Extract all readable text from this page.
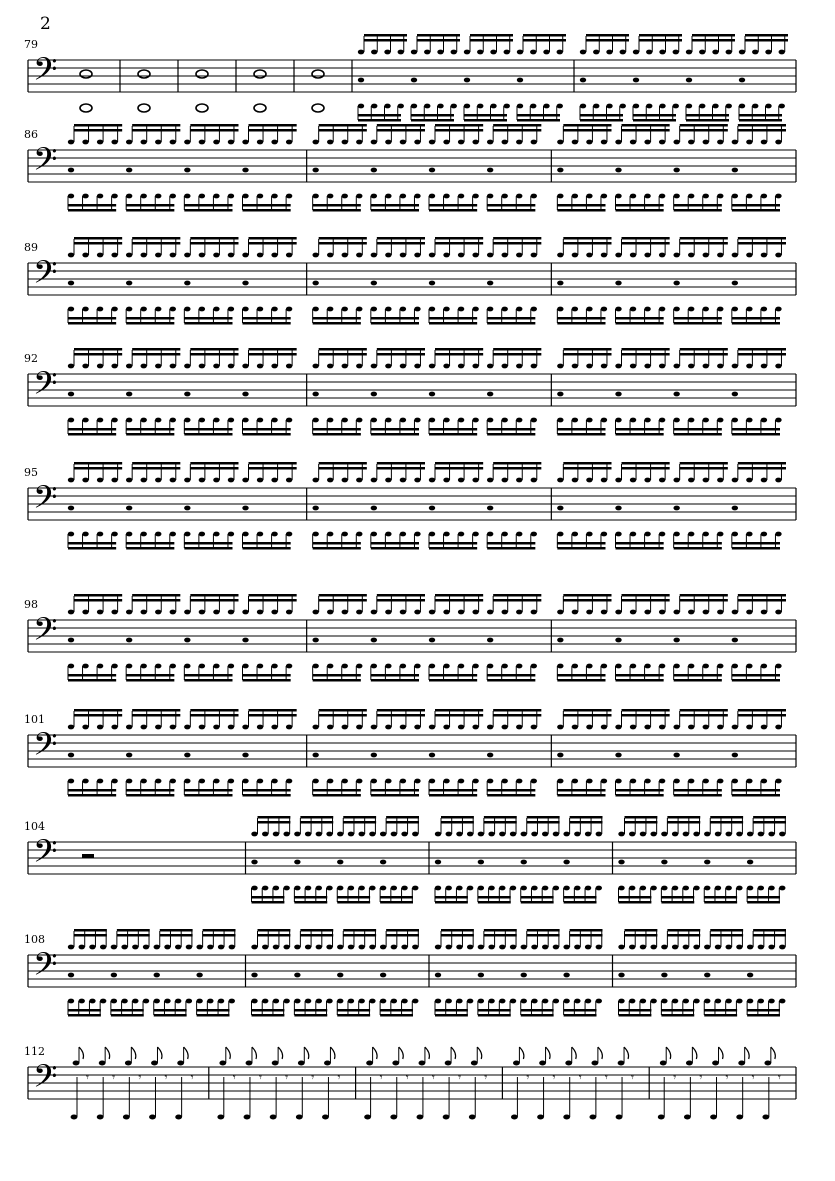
2
79
𝄢
86
𝄢
89
𝄢
92
𝄢
95
𝄢
98
𝄢
101
𝄢
104
𝄢
108
𝄢
112
𝄢	𝄾 𝄾 𝄾 𝄾 𝄾	𝄾 𝄾 𝄾 𝄾 𝄾	𝄾 𝄾 𝄾 𝄾 𝄾	𝄾 𝄾 𝄾 𝄾 𝄾	𝄾 𝄾 𝄾 𝄾 𝄾
